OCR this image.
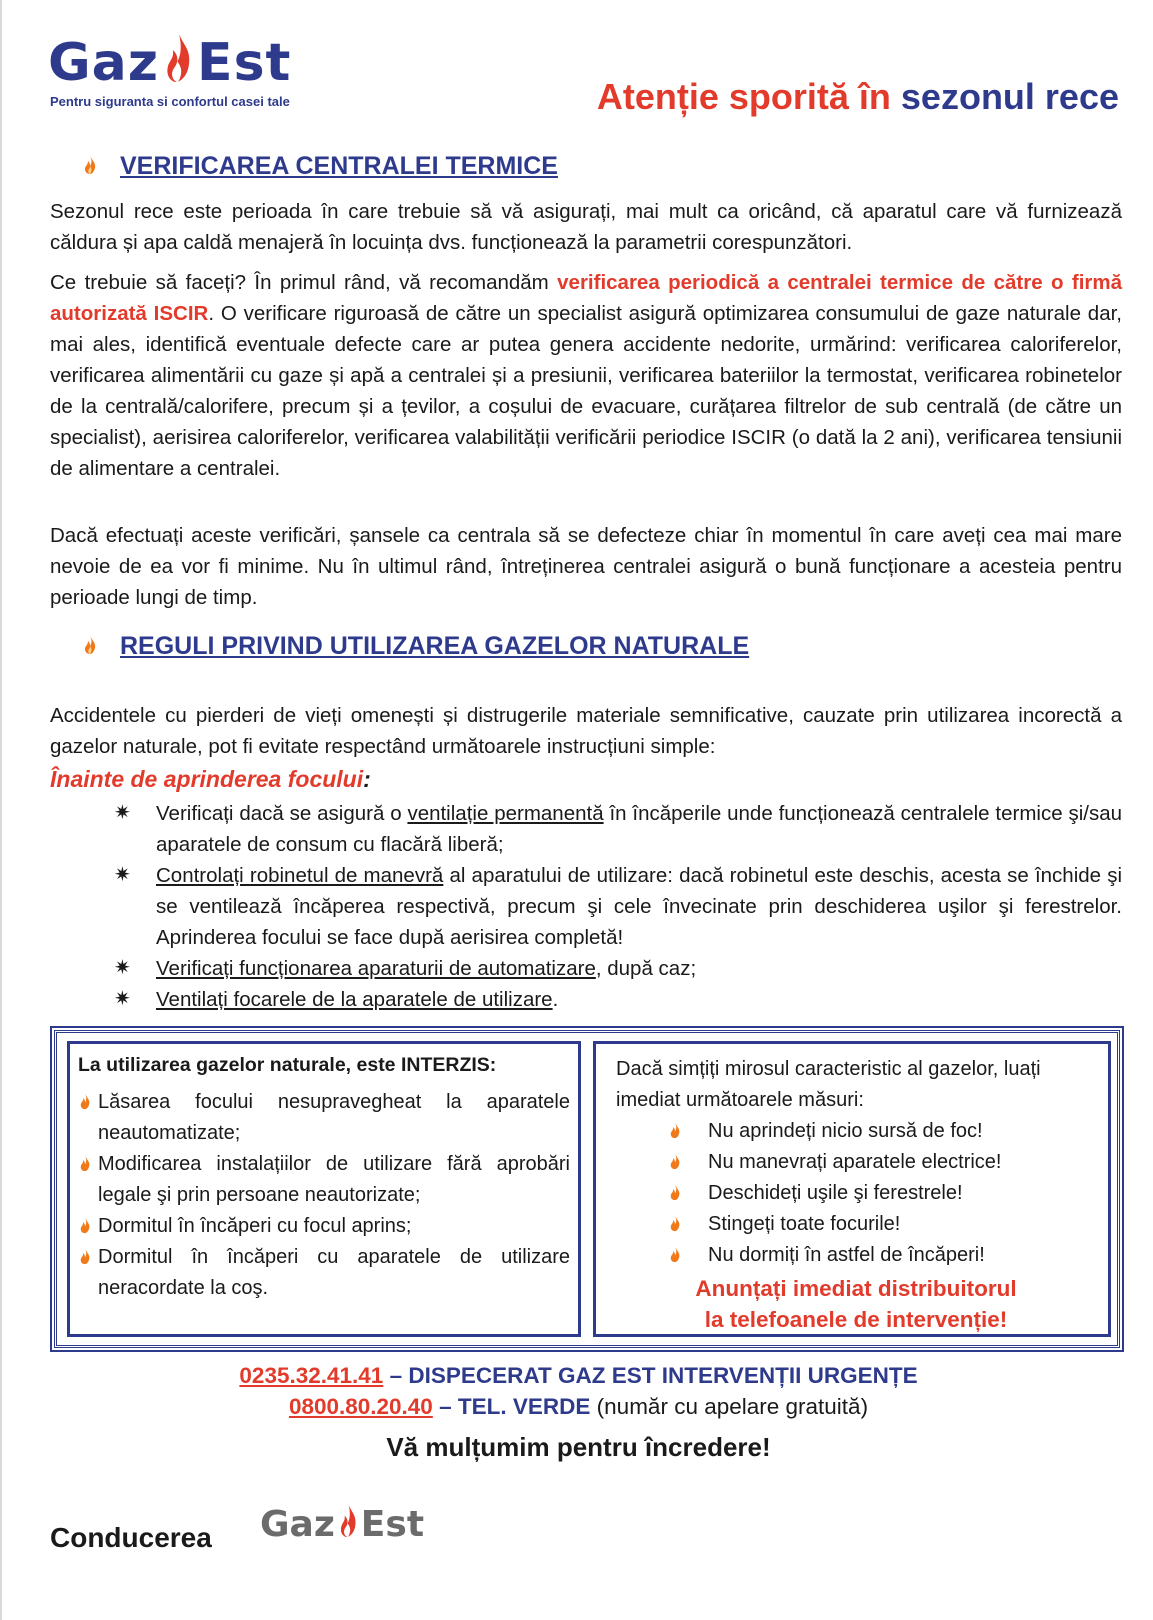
Gaz Est
Pentru siguranta si confortul casei tale	Atenție sporită în sezonul rece
VERIFICAREA CENTRALEI TERMICE

Sezonul rece este perioada în care trebuie să vă asigurați, mai mult ca oricând, că aparatul care vă furnizează căldura și apa caldă menajeră în locuința dvs. funcționează la parametrii corespunzători.

Ce trebuie să faceți? În primul rând, vă recomandăm verificarea periodică a centralei termice de către o firmă autorizată ISCIR. O verificare riguroasă de către un specialist asigură optimizarea consumului de gaze naturale dar, mai ales, identifică eventuale defecte care ar putea genera accidente nedorite, urmărind: verificarea caloriferelor, verificarea alimentării cu gaze și apă a centralei și a presiunii, verificarea bateriilor la termostat, verificarea robinetelor de la centrală/calorifere, precum și a țevilor, a coșului de evacuare, curățarea filtrelor de sub centrală (de către un specialist), aerisirea caloriferelor, verificarea valabilității verificării periodice ISCIR (o dată la 2 ani), verificarea tensiunii de alimentare a centralei.

Dacă efectuați aceste verificări, șansele ca centrala să se defecteze chiar în momentul în care aveți cea mai mare nevoie de ea vor fi minime. Nu în ultimul rând, întreținerea centralei asigură o bună funcționare a acesteia pentru perioade lungi de timp.

REGULI PRIVIND UTILIZAREA GAZELOR NATURALE

Accidentele cu pierderi de vieți omenești și distrugerile materiale semnificative, cauzate prin utilizarea incorectă a gazelor naturale, pot fi evitate respectând următoarele instrucțiuni simple:

Înainte de aprinderea focului:
✷ Verificați dacă se asigură o ventilație permanentă în încăperile unde funcționează centralele termice şi/sau aparatele de consum cu flacără liberă;
✷ Controlați robinetul de manevră al aparatului de utilizare: dacă robinetul este deschis, acesta se închide şi se ventilează încăperea respectivă, precum şi cele învecinate prin deschiderea uşilor şi ferestrelor. Aprinderea focului se face după aerisirea completă!
✷ Verificați funcționarea aparaturii de automatizare, după caz;
✷ Ventilați focarele de la aparatele de utilizare.
La utilizarea gazelor naturale, este INTERZIS:
Lăsarea focului nesupravegheat la aparatele neautomatizate;
Modificarea instalațiilor de utilizare fără aprobări legale şi prin persoane neautorizate;
Dormitul în încăperi cu focul aprins;
Dormitul în încăperi cu aparatele de utilizare neracordate la coş.

Dacă simțiți mirosul caracteristic al gazelor, luați imediat următoarele măsuri:

Nu aprindeți nicio sursă de foc!
Nu manevrați aparatele electrice!
Deschideți uşile şi ferestrele!
Stingeți toate focurile!
Nu dormiți în astfel de încăperi!
Anunțați imediat distribuitorul
la telefoanele de intervenție!
0235.32.41.41 – DISPECERAT GAZ EST INTERVENȚII URGENȚE
0800.80.20.40 – TEL. VERDE (număr cu apelare gratuită)
Vă mulțumim pentru încredere!
Conducerea Gaz Est
